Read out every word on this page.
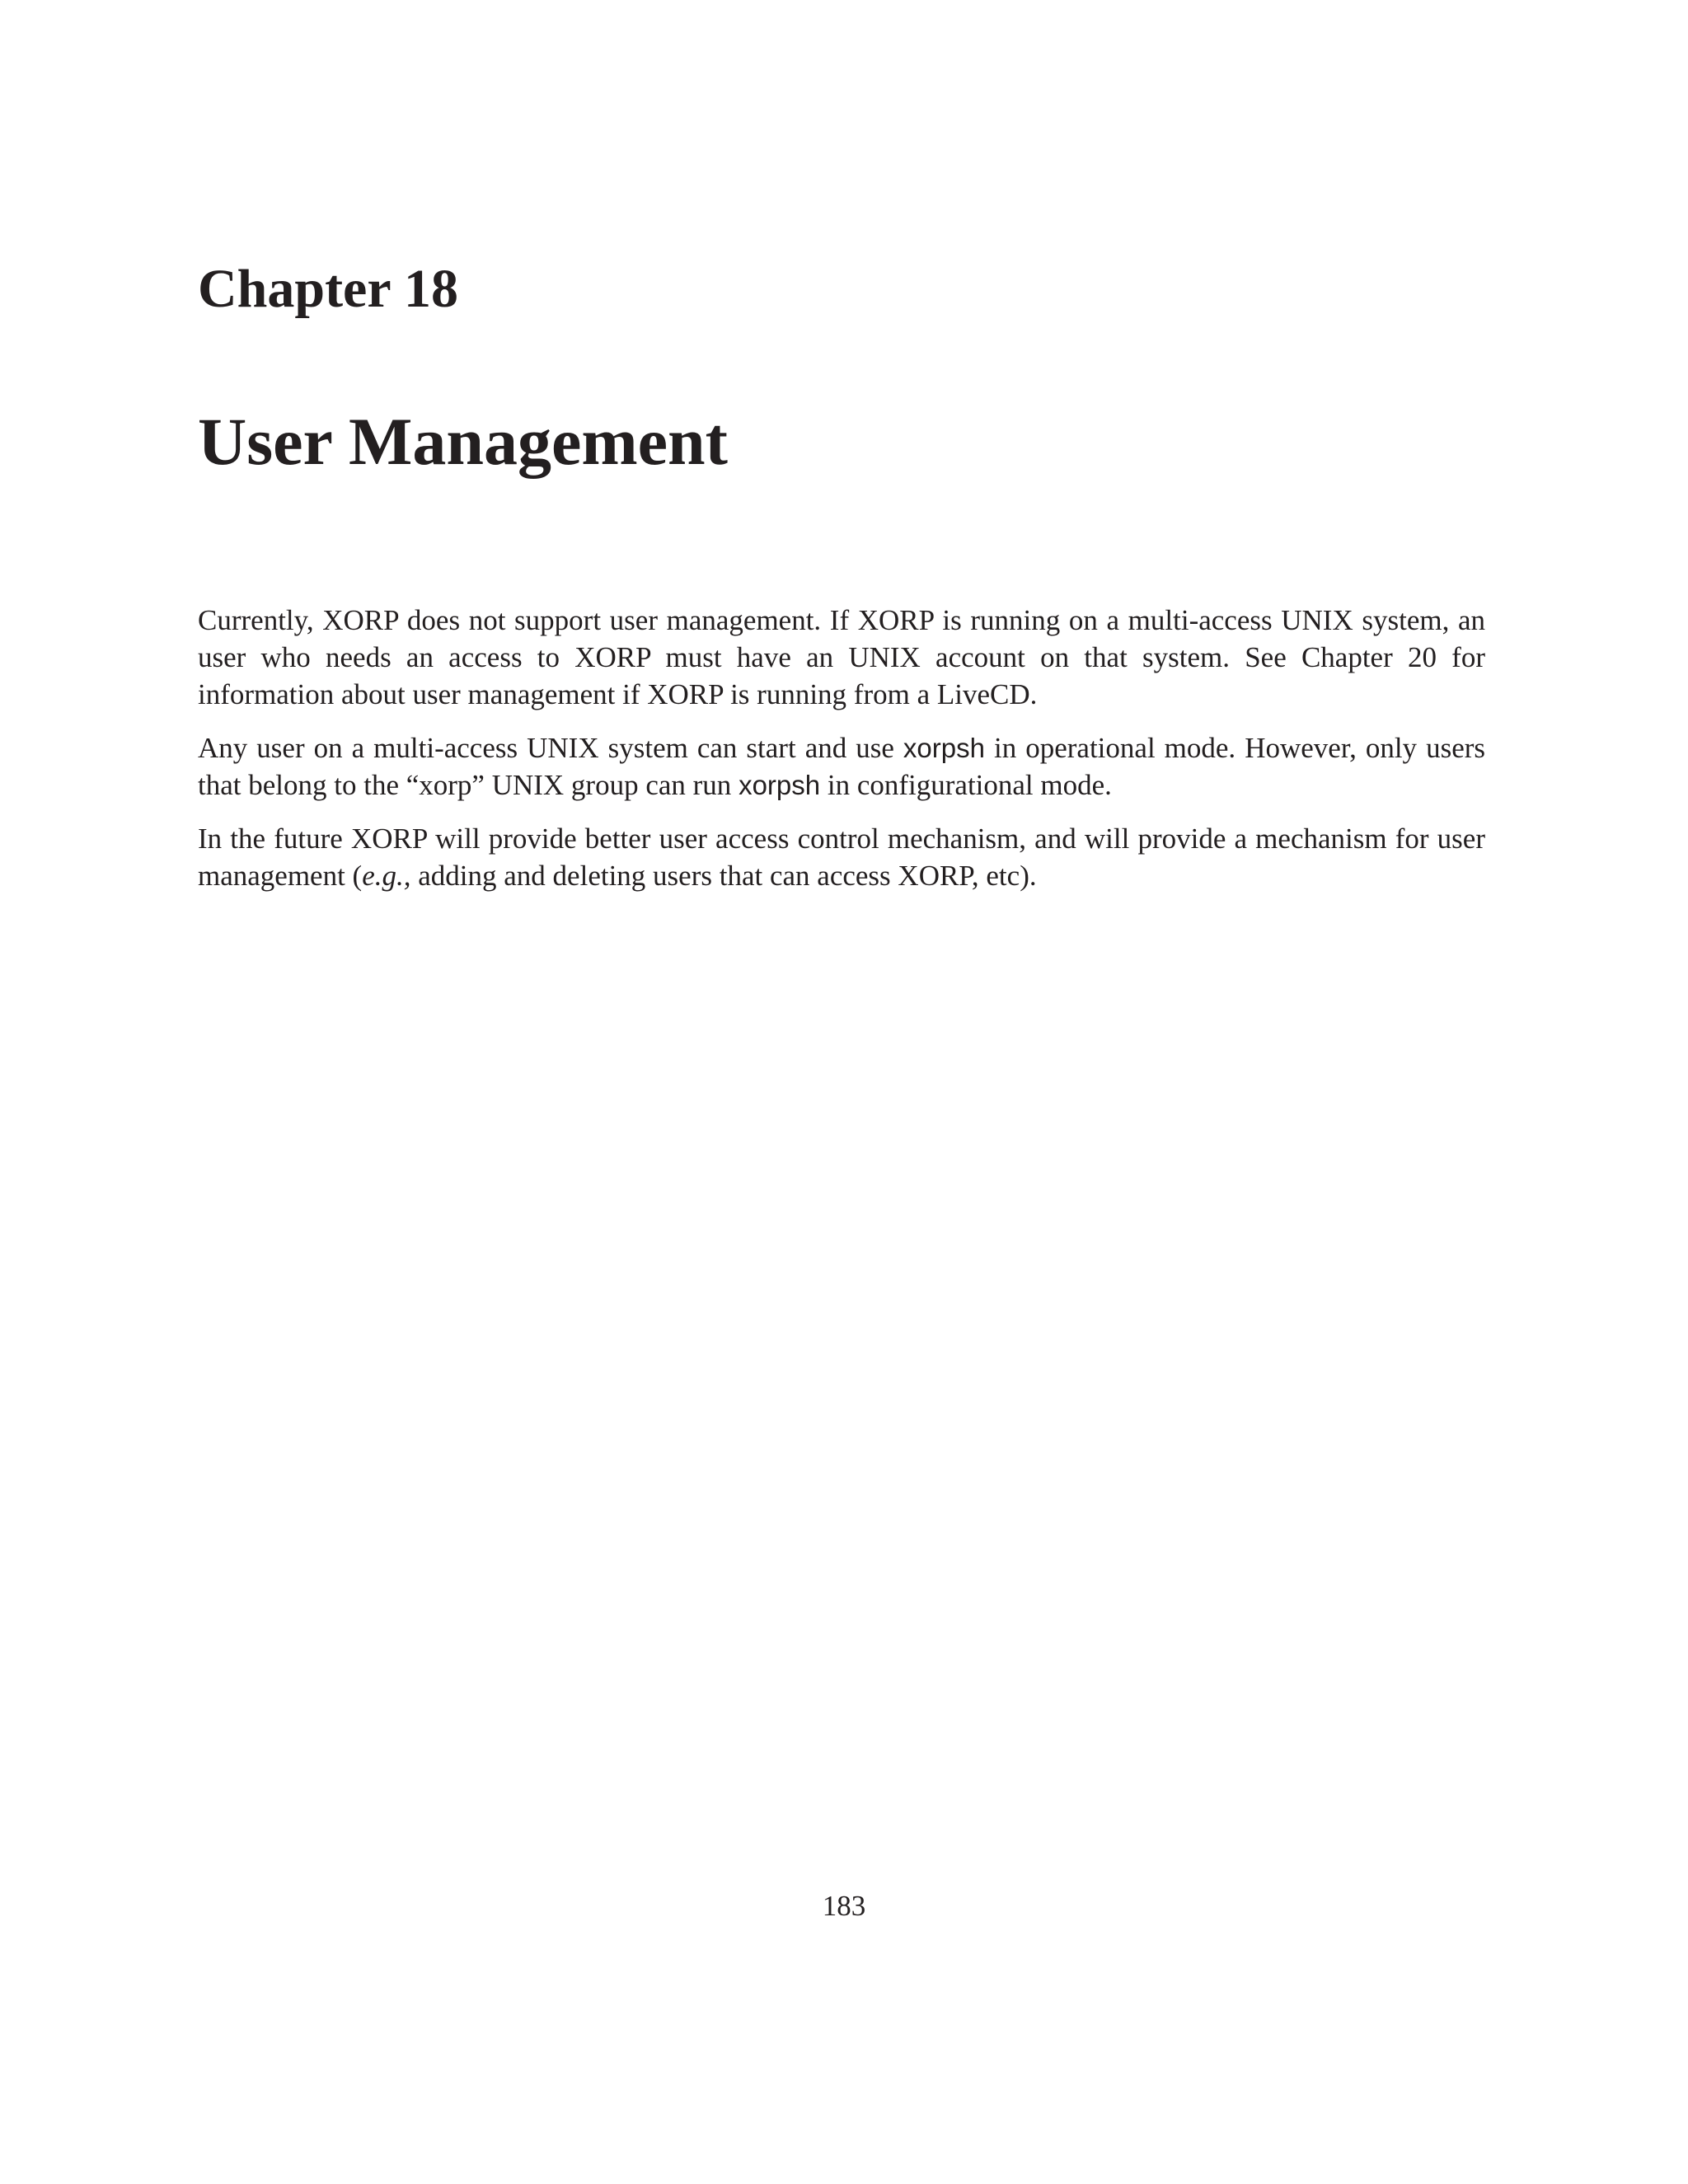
Chapter 18
User Management

Currently, XORP does not support user management. If XORP is running on a multi-access UNIX system, an user who needs an access to XORP must have an UNIX account on that system. See Chapter 20 for information about user management if XORP is running from a LiveCD.

Any user on a multi-access UNIX system can start and use xorpsh in operational mode. However, only users that belong to the “xorp” UNIX group can run xorpsh in configurational mode.

In the future XORP will provide better user access control mechanism, and will provide a mechanism for user management (e.g., adding and deleting users that can access XORP, etc).

183
